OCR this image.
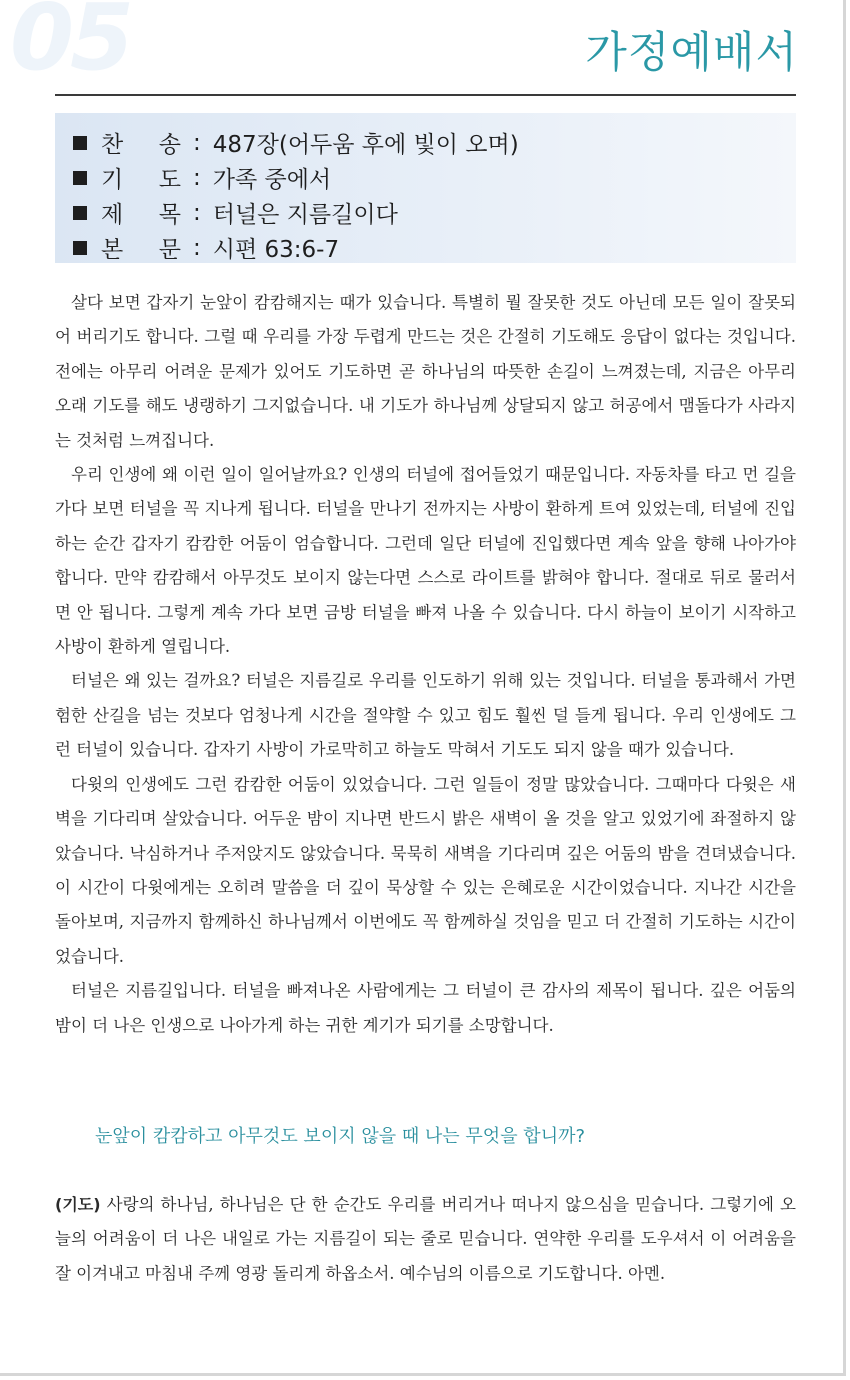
05	가정예배서
찬 송 : 487장(어두움 후에 빛이 오며)
기 도 : 가족 중에서
제 목 : 터널은 지름길이다
본 문 : 시편 63:6-7

살다 보면 갑자기 눈앞이 캄캄해지는 때가 있습니다. 특별히 뭘 잘못한 것도 아닌데 모든 일이 잘못되어 버리기도 합니다. 그럴 때 우리를 가장 두렵게 만드는 것은 간절히 기도해도 응답이 없다는 것입니다. 전에는 아무리 어려운 문제가 있어도 기도하면 곧 하나님의 따뜻한 손길이 느껴졌는데, 지금은 아무리 오래 기도를 해도 냉랭하기 그지없습니다. 내 기도가 하나님께 상달되지 않고 허공에서 맴돌다가 사라지는 것처럼 느껴집니다.

우리 인생에 왜 이런 일이 일어날까요? 인생의 터널에 접어들었기 때문입니다. 자동차를 타고 먼 길을 가다 보면 터널을 꼭 지나게 됩니다. 터널을 만나기 전까지는 사방이 환하게 트여 있었는데, 터널에 진입하는 순간 갑자기 캄캄한 어둠이 엄습합니다. 그런데 일단 터널에 진입했다면 계속 앞을 향해 나아가야 합니다. 만약 캄캄해서 아무것도 보이지 않는다면 스스로 라이트를 밝혀야 합니다. 절대로 뒤로 물러서면 안 됩니다. 그렇게 계속 가다 보면 금방 터널을 빠져 나올 수 있습니다. 다시 하늘이 보이기 시작하고 사방이 환하게 열립니다.

터널은 왜 있는 걸까요? 터널은 지름길로 우리를 인도하기 위해 있는 것입니다. 터널을 통과해서 가면 험한 산길을 넘는 것보다 엄청나게 시간을 절약할 수 있고 힘도 훨씬 덜 들게 됩니다. 우리 인생에도 그런 터널이 있습니다. 갑자기 사방이 가로막히고 하늘도 막혀서 기도도 되지 않을 때가 있습니다.

다윗의 인생에도 그런 캄캄한 어둠이 있었습니다. 그런 일들이 정말 많았습니다. 그때마다 다윗은 새벽을 기다리며 살았습니다. 어두운 밤이 지나면 반드시 밝은 새벽이 올 것을 알고 있었기에 좌절하지 않았습니다. 낙심하거나 주저앉지도 않았습니다. 묵묵히 새벽을 기다리며 깊은 어둠의 밤을 견뎌냈습니다. 이 시간이 다윗에게는 오히려 말씀을 더 깊이 묵상할 수 있는 은혜로운 시간이었습니다. 지나간 시간을 돌아보며, 지금까지 함께하신 하나님께서 이번에도 꼭 함께하실 것임을 믿고 더 간절히 기도하는 시간이었습니다.

터널은 지름길입니다. 터널을 빠져나온 사람에게는 그 터널이 큰 감사의 제목이 됩니다. 깊은 어둠의 밤이 더 나은 인생으로 나아가게 하는 귀한 계기가 되기를 소망합니다.

눈앞이 캄캄하고 아무것도 보이지 않을 때 나는 무엇을 합니까?
(기도) 사랑의 하나님, 하나님은 단 한 순간도 우리를 버리거나 떠나지 않으심을 믿습니다. 그렇기에 오늘의 어려움이 더 나은 내일로 가는 지름길이 되는 줄로 믿습니다. 연약한 우리를 도우셔서 이 어려움을 잘 이겨내고 마침내 주께 영광 돌리게 하옵소서. 예수님의 이름으로 기도합니다. 아멘.
